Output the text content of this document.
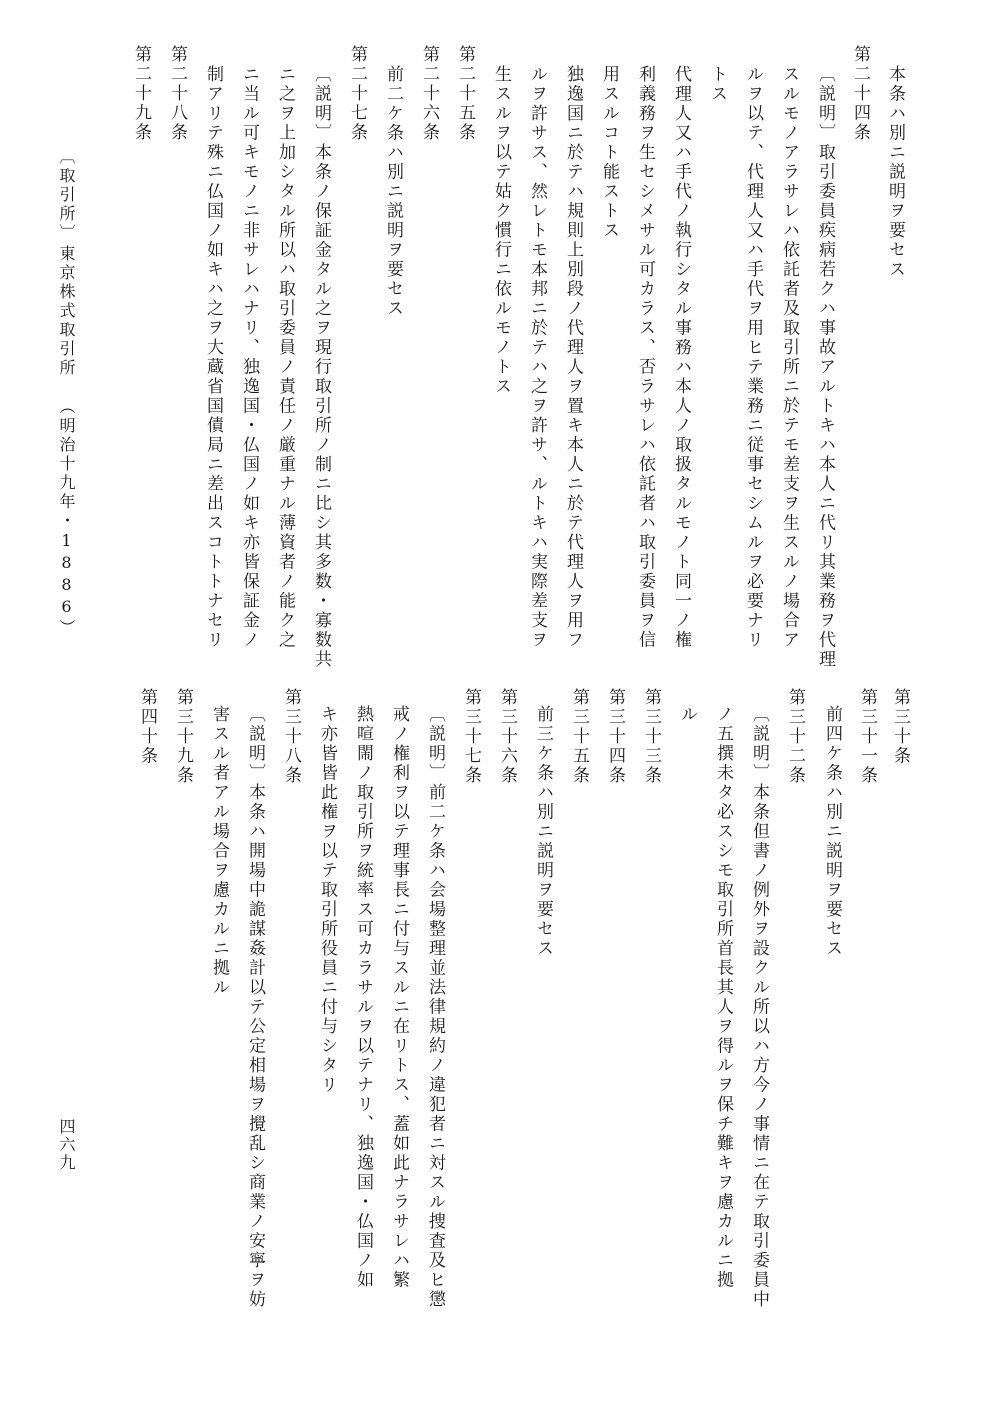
本条ハ別ニ説明ヲ要セス
第二十四条
〔説明〕取引委員疾病若クハ事故アルトキハ本人ニ代リ其業務ヲ代理
スルモノアラサレハ依託者及取引所ニ於テモ差支ヲ生スルノ場合ア
ルヲ以テ、代理人又ハ手代ヲ用ヒテ業務ニ従事セシムルヲ必要ナリ
トス
代理人又ハ手代ノ執行シタル事務ハ本人ノ取扱タルモノト同一ノ権
利義務ヲ生セシメサル可カラス、否ラサレハ依託者ハ取引委員ヲ信
用スルコト能ストス
独逸国ニ於テハ規則上別段ノ代理人ヲ置キ本人ニ於テ代理人ヲ用フ
ルヲ許サス、然レトモ本邦ニ於テハ之ヲ許サ、ルトキハ実際差支ヲ
生スルヲ以テ姑ク慣行ニ依ルモノトス
第二十五条
第二十六条
前二ケ条ハ別ニ説明ヲ要セス
第二十七条
〔説明〕本条ノ保証金タル之ヲ現行取引所ノ制ニ比シ其多数・寡数共
ニ之ヲ上加シタル所以ハ取引委員ノ責任ノ厳重ナル薄資者ノ能ク之
ニ当ル可キモノニ非サレハナリ、独逸国・仏国ノ如キ亦皆保証金ノ
制アリテ殊ニ仏国ノ如キハ之ヲ大蔵省国債局ニ差出スコトトナセリ
第二十八条
第二十九条
第三十条
第三十一条
前四ケ条ハ別ニ説明ヲ要セス
第三十二条
〔説明〕本条但書ノ例外ヲ設クル所以ハ方今ノ事情ニ在テ取引委員中
ノ五撰未タ必スシモ取引所首長其人ヲ得ルヲ保チ難キヲ慮カルニ拠
ル
第三十三条
第三十四条
第三十五条
前三ケ条ハ別ニ説明ヲ要セス
第三十六条
第三十七条
〔説明〕前二ケ条ハ会場整理並法律規約ノ違犯者ニ対スル捜査及ヒ懲
戒ノ権利ヲ以テ理事長ニ付与スルニ在リトス、蓋如此ナラサレハ繁
熱喧閙ノ取引所ヲ統率ス可カラサルヲ以テナリ、独逸国・仏国ノ如
キ亦皆皆此権ヲ以テ取引所役員ニ付与シタリ
第三十八条
〔説明〕本条ハ開場中詭謀姦計以テ公定相場ヲ攪乱シ商業ノ安寧ヲ妨
害スル者アル場合ヲ慮カルニ拠ル
第三十九条
第四十条
〔取引所〕
東京株式取引所
（明治十九年・1886）
四六九
